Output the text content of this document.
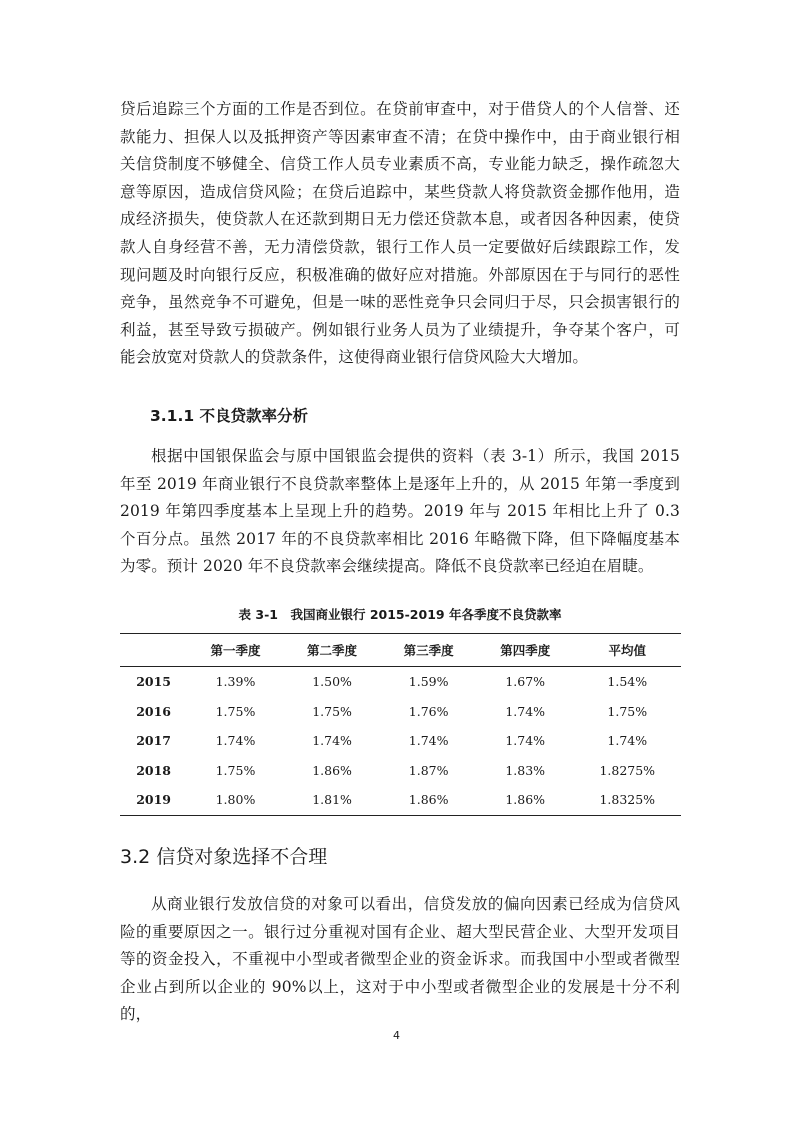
贷后追踪三个方面的工作是否到位。在贷前审查中，对于借贷人的个人信誉、还款能力、担保人以及抵押资产等因素审查不清；在贷中操作中，由于商业银行相关信贷制度不够健全、信贷工作人员专业素质不高，专业能力缺乏，操作疏忽大意等原因，造成信贷风险；在贷后追踪中，某些贷款人将贷款资金挪作他用，造成经济损失，使贷款人在还款到期日无力偿还贷款本息，或者因各种因素，使贷款人自身经营不善，无力清偿贷款，银行工作人员一定要做好后续跟踪工作，发现问题及时向银行反应，积极准确的做好应对措施。外部原因在于与同行的恶性竞争，虽然竞争不可避免，但是一味的恶性竞争只会同归于尽，只会损害银行的利益，甚至导致亏损破产。例如银行业务人员为了业绩提升，争夺某个客户，可能会放宽对贷款人的贷款条件，这使得商业银行信贷风险大大增加。

3.1.1 不良贷款率分析

根据中国银保监会与原中国银监会提供的资料（表 3-1）所示，我国 2015 年至 2019 年商业银行不良贷款率整体上是逐年上升的，从 2015 年第一季度到 2019 年第四季度基本上呈现上升的趋势。2019 年与 2015 年相比上升了 0.3 个百分点。虽然 2017 年的不良贷款率相比 2016 年略微下降，但下降幅度基本为零。预计 2020 年不良贷款率会继续提高。降低不良贷款率已经迫在眉睫。

表 3-1　我国商业银行 2015-2019 年各季度不良贷款率
	第一季度	第二季度	第三季度	第四季度	平均值
2015	1.39%	1.50%	1.59%	1.67%	1.54%
2016	1.75%	1.75%	1.76%	1.74%	1.75%
2017	1.74%	1.74%	1.74%	1.74%	1.74%
2018	1.75%	1.86%	1.87%	1.83%	1.8275%
2019	1.80%	1.81%	1.86%	1.86%	1.8325%
3.2 信贷对象选择不合理

从商业银行发放信贷的对象可以看出，信贷发放的偏向因素已经成为信贷风险的重要原因之一。银行过分重视对国有企业、超大型民营企业、大型开发项目等的资金投入，不重视中小型或者微型企业的资金诉求。而我国中小型或者微型企业占到所以企业的 90%以上，这对于中小型或者微型企业的发展是十分不利的，

4
